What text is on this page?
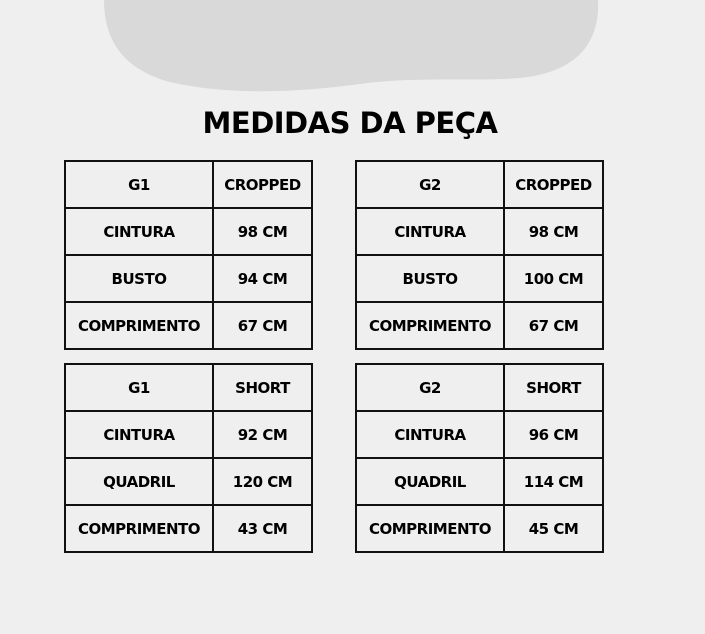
MEDIDAS DA PEÇA
G1	CROPPED
CINTURA	98 CM
BUSTO	94 CM
COMPRIMENTO	67 CM
G2	CROPPED
CINTURA	98 CM
BUSTO	100 CM
COMPRIMENTO	67 CM
G1	SHORT
CINTURA	92 CM
QUADRIL	120 CM
COMPRIMENTO	43 CM
G2	SHORT
CINTURA	96 CM
QUADRIL	114 CM
COMPRIMENTO	45 CM
